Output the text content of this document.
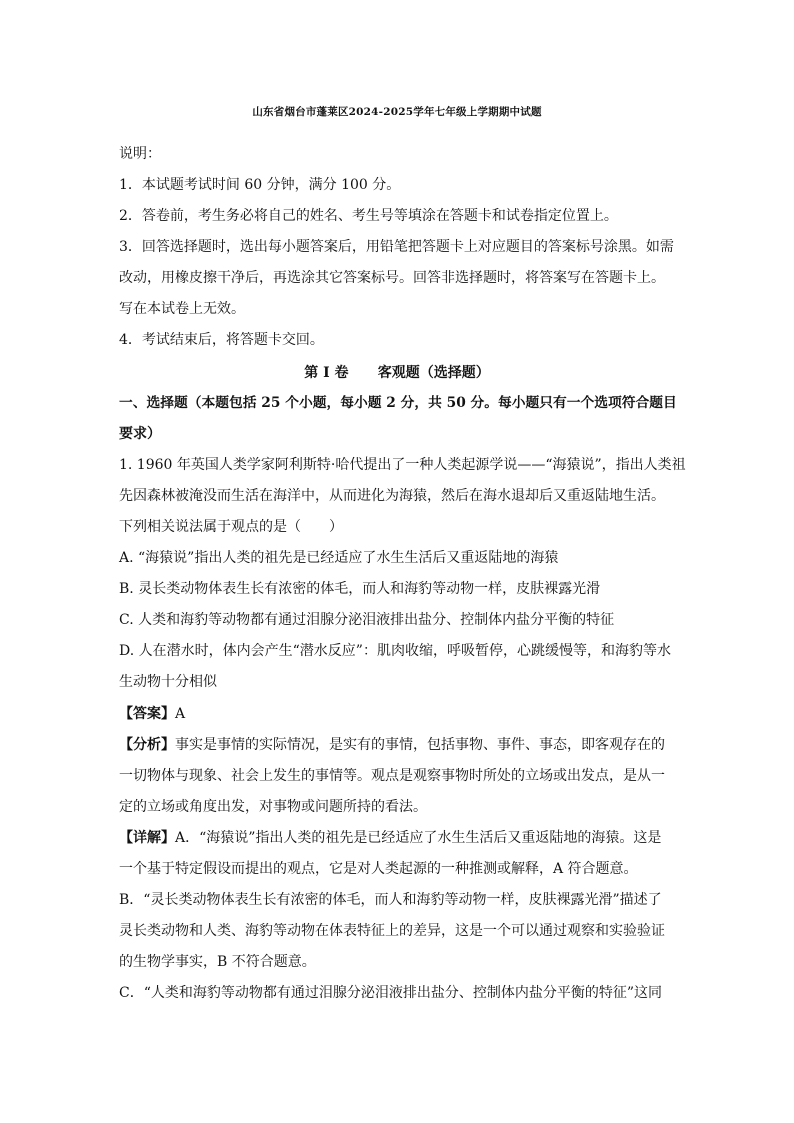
山东省烟台市蓬莱区2024-2025学年七年级上学期期中试题
说明：
1．本试题考试时间 60 分钟，满分 100 分。
2．答卷前，考生务必将自己的姓名、考生号等填涂在答题卡和试卷指定位置上。
3．回答选择题时，选出每小题答案后，用铅笔把答题卡上对应题目的答案标号涂黑。如需
改动，用橡皮擦干净后，再选涂其它答案标号。回答非选择题时，将答案写在答题卡上。
写在本试卷上无效。
4．考试结束后，将答题卡交回。
第 I 卷 客观题（选择题）
一、选择题（本题包括 25 个小题，每小题 2 分，共 50 分。每小题只有一个选项符合题目
要求）
1. 1960 年英国人类学家阿利斯特·哈代提出了一种人类起源学说——“海猿说”，指出人类祖
先因森林被淹没而生活在海洋中，从而进化为海猿，然后在海水退却后又重返陆地生活。
下列相关说法属于观点的是（　　）
A. “海猿说”指出人类的祖先是已经适应了水生生活后又重返陆地的海猿
B. 灵长类动物体表生长有浓密的体毛，而人和海豹等动物一样，皮肤裸露光滑
C. 人类和海豹等动物都有通过泪腺分泌泪液排出盐分、控制体内盐分平衡的特征
D. 人在潜水时，体内会产生“潜水反应”：肌肉收缩，呼吸暂停，心跳缓慢等，和海豹等水
生动物十分相似
【答案】A
【分析】事实是事情的实际情况，是实有的事情，包括事物、事件、事态，即客观存在的
一切物体与现象、社会上发生的事情等。观点是观察事物时所处的立场或出发点，是从一
定的立场或角度出发，对事物或问题所持的看法。
【详解】A．“海猿说”指出人类的祖先是已经适应了水生生活后又重返陆地的海猿。这是
一个基于特定假设而提出的观点，它是对人类起源的一种推测或解释，A 符合题意。
B．“灵长类动物体表生长有浓密的体毛，而人和海豹等动物一样，皮肤裸露光滑”描述了
灵长类动物和人类、海豹等动物在体表特征上的差异，这是一个可以通过观察和实验验证
的生物学事实，B 不符合题意。
C．“人类和海豹等动物都有通过泪腺分泌泪液排出盐分、控制体内盐分平衡的特征”这同
